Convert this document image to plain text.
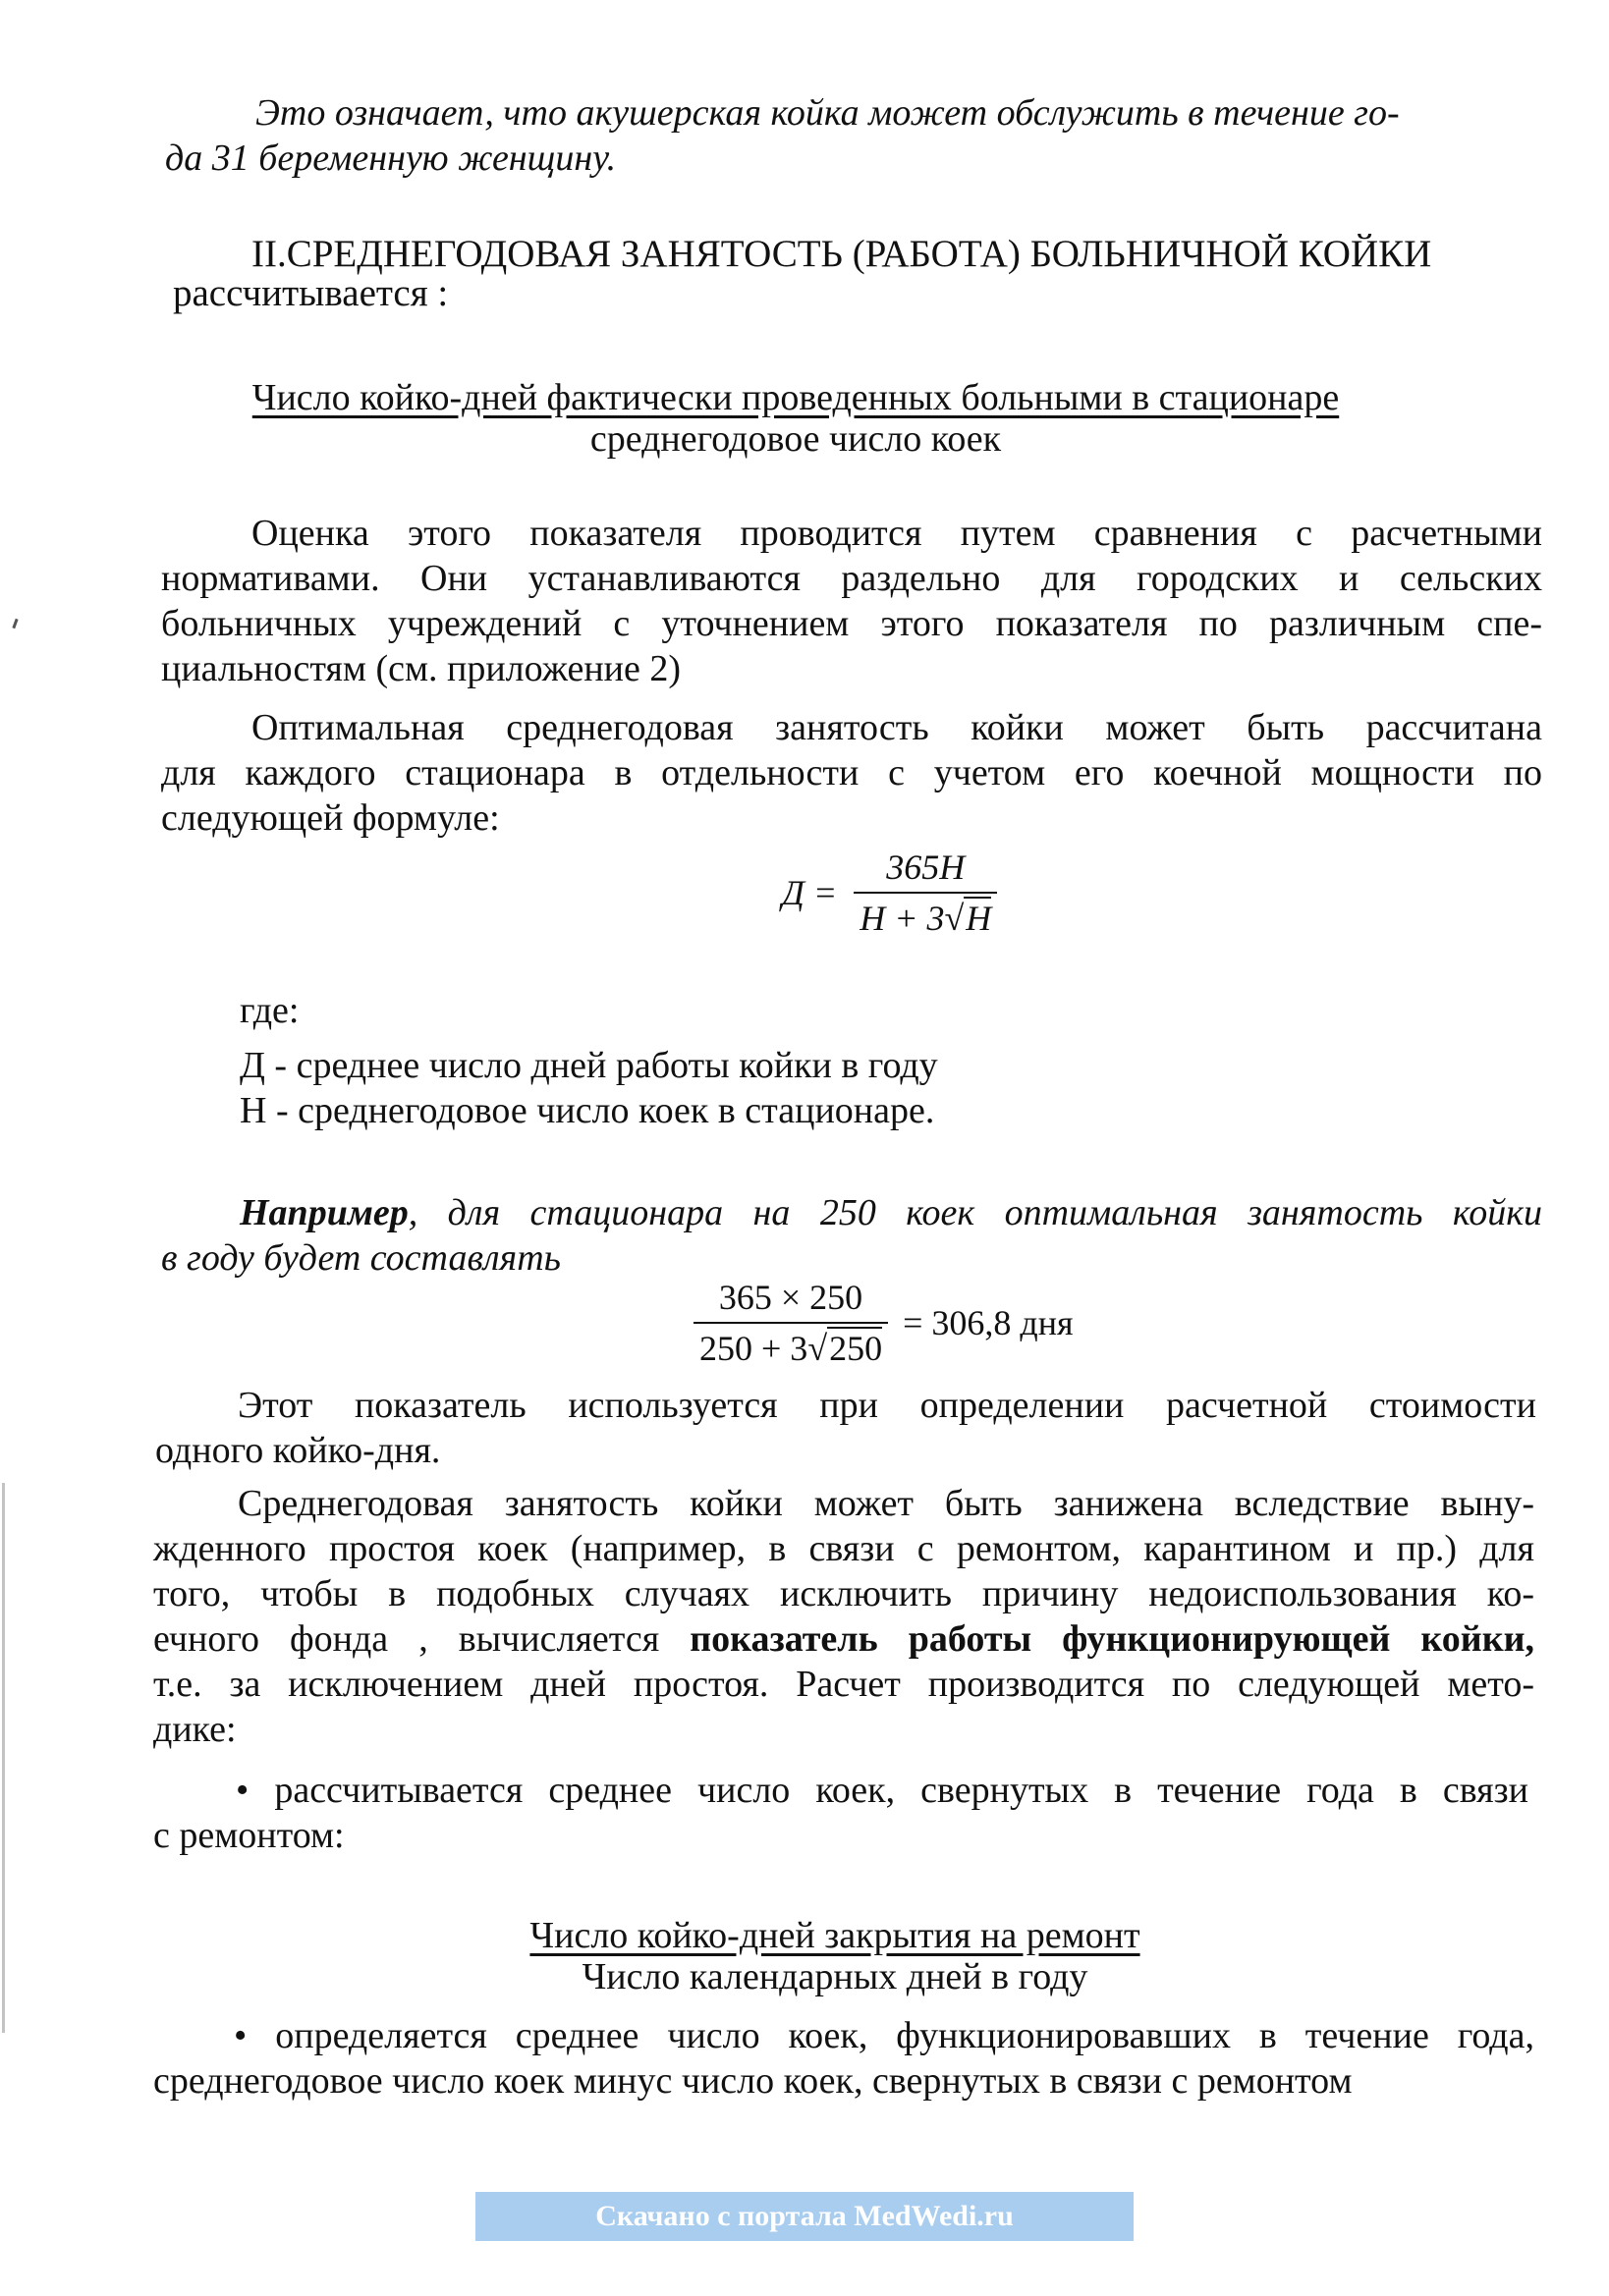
Это означает, что акушерская койка может обслужить в течение го-
да 31 беременную женщину.
II.СРЕДНЕГОДОВАЯ ЗАНЯТОСТЬ (РАБОТА) БОЛЬНИЧНОЙ КОЙКИ
рассчитывается :
Число койко-дней фактически проведенных больными в стационаре
среднегодовое число коек
Оценка этого показателя проводится путем сравнения с расчетными
нормативами. Они устанавливаются раздельно для городских и сельских
больничных учреждений с уточнением этого показателя по различным спе-
циальностям (см. приложение 2)
Оптимальная среднегодовая занятость койки может быть рассчитана
для каждого стационара в отдельности с учетом его коечной мощности по
следующей формуле:
$Д = \frac{365Н}{Н + 3√Н}$
где:
Д - среднее число дней работы койки в году
Н - среднегодовое число коек в стационаре.
Например, для стационара на 250 коек оптимальная занятость койки
в году будет составлять
$\frac{365 \times 250}{250 + 3√250} = 306,8$ дня
Этот показатель используется при определении расчетной стоимости
одного койко-дня.
Среднегодовая занятость койки может быть занижена вследствие выну-
жденного простоя коек (например, в связи с ремонтом, карантином и пр.) для
того, чтобы в подобных случаях исключить причину недоиспользования ко-
ечного фонда , вычисляется показатель работы функционирующей койки,
т.е. за исключением дней простоя. Расчет производится по следующей мето-
дике:
• рассчитывается среднее число коек, свернутых в течение года в связи
с ремонтом:
Число койко-дней закрытия на ремонт
Число календарных дней в году
• определяется среднее число коек, функционировавших в течение года,
среднегодовое число коек минус число коек, свернутых в связи с ремонтом
Скачано с портала MedWedi.ru
